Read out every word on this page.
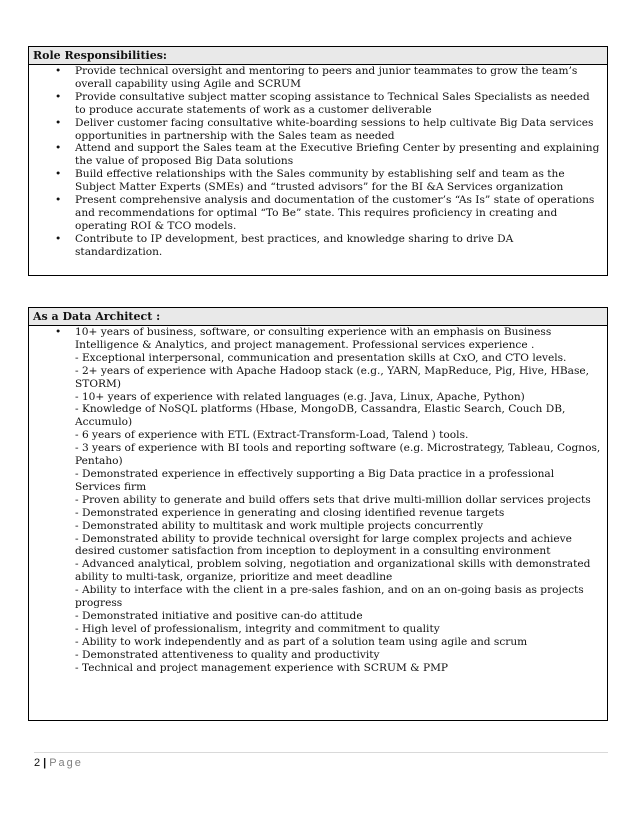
Role Responsibilities:
• Provide technical oversight and mentoring to peers and junior teammates to grow the team’s overall capability using Agile and SCRUM
• Provide consultative subject matter scoping assistance to Technical Sales Specialists as needed to produce accurate statements of work as a customer deliverable
• Deliver customer facing consultative white-boarding sessions to help cultivate Big Data services opportunities in partnership with the Sales team as needed
• Attend and support the Sales team at the Executive Briefing Center by presenting and explaining the value of proposed Big Data solutions
• Build effective relationships with the Sales community by establishing self and team as the Subject Matter Experts (SMEs) and “trusted advisors” for the BI &A Services organization
• Present comprehensive analysis and documentation of the customer’s “As Is” state of operations and recommendations for optimal “To Be” state. This requires proficiency in creating and operating ROI & TCO models.
• Contribute to IP development, best practices, and knowledge sharing to drive DA standardization.
As a Data Architect :
• 10+ years of business, software, or consulting experience with an emphasis on Business Intelligence & Analytics, and project management. Professional services experience .
- Exceptional interpersonal, communication and presentation skills at CxO, and CTO levels.
- 2+ years of experience with Apache Hadoop stack (e.g., YARN, MapReduce, Pig, Hive, HBase, STORM)
- 10+ years of experience with related languages (e.g. Java, Linux, Apache, Python)
- Knowledge of NoSQL platforms (Hbase, MongoDB, Cassandra, Elastic Search, Couch DB, Accumulo)
- 6 years of experience with ETL (Extract-Transform-Load, Talend ) tools.
- 3 years of experience with BI tools and reporting software (e.g. Microstrategy, Tableau, Cognos, Pentaho)
- Demonstrated experience in effectively supporting a Big Data practice in a professional Services firm
- Proven ability to generate and build offers sets that drive multi-million dollar services projects
- Demonstrated experience in generating and closing identified revenue targets
- Demonstrated ability to multitask and work multiple projects concurrently
- Demonstrated ability to provide technical oversight for large complex projects and achieve desired customer satisfaction from inception to deployment in a consulting environment
- Advanced analytical, problem solving, negotiation and organizational skills with demonstrated ability to multi-task, organize, prioritize and meet deadline
- Ability to interface with the client in a pre-sales fashion, and on an on-going basis as projects progress
- Demonstrated initiative and positive can-do attitude
- High level of professionalism, integrity and commitment to quality
- Ability to work independently and as part of a solution team using agile and scrum
- Demonstrated attentiveness to quality and productivity
- Technical and project management experience with SCRUM & PMP
2 | Page
